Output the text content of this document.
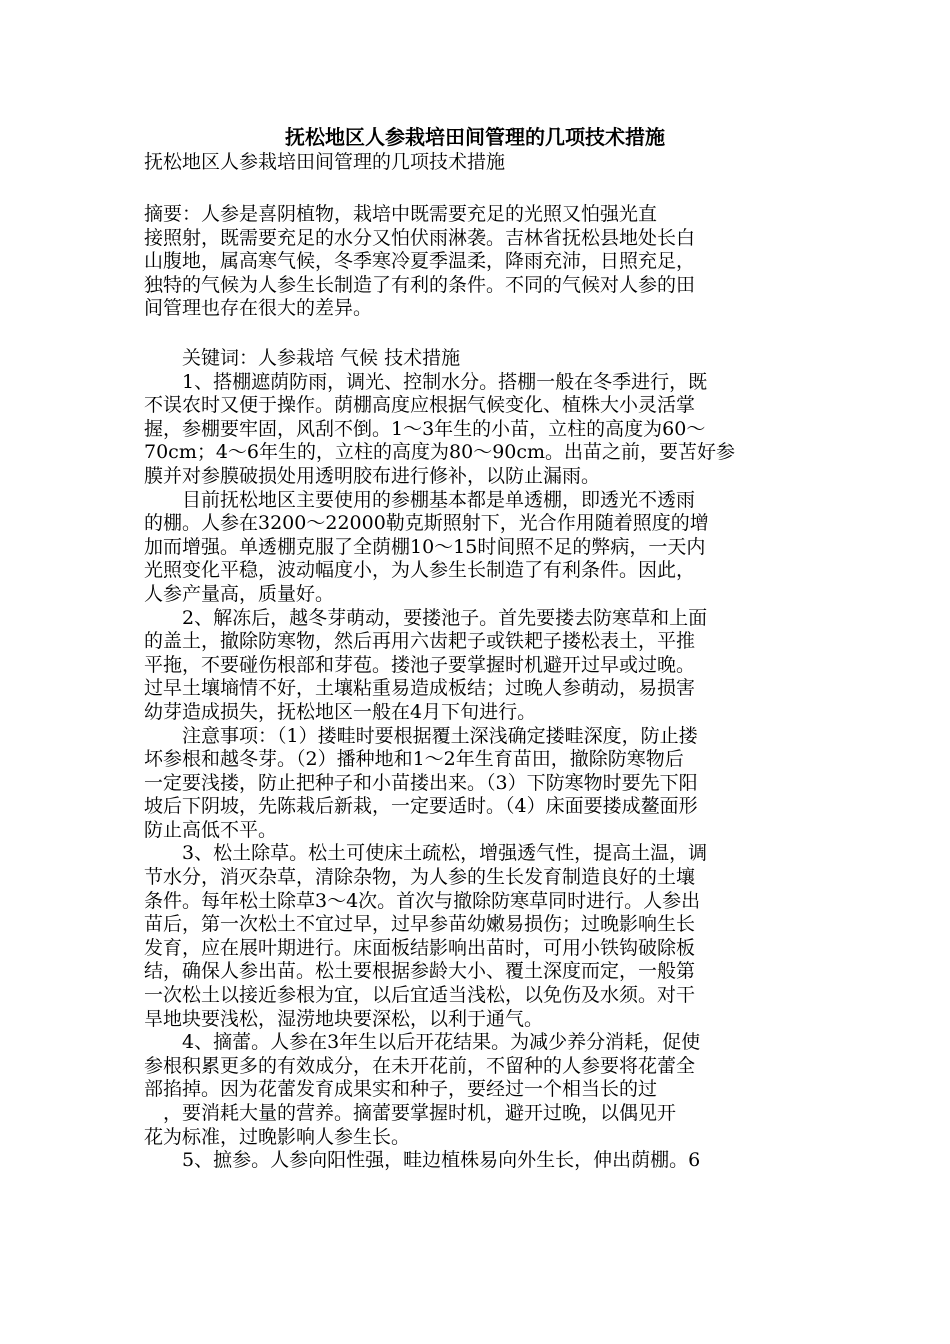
抚松地区人参栽培田间管理的几项技术措施
抚松地区人参栽培田间管理的几项技术措施
摘要：人参是喜阴植物，栽培中既需要充足的光照又怕强光直
接照射，既需要充足的水分又怕伏雨淋袭。吉林省抚松县地处长白
山腹地，属高寒气候，冬季寒冷夏季温柔，降雨充沛，日照充足，
独特的气候为人参生长制造了有利的条件。不同的气候对人参的田
间管理也存在很大的差异。
　　关键词：人参栽培 气候 技术措施
　　1、搭棚遮荫防雨，调光、控制水分。搭棚一般在冬季进行，既
不误农时又便于操作。荫棚高度应根据气候变化、植株大小灵活掌
握，参棚要牢固，风刮不倒。1～3年生的小苗，立柱的高度为60～
70cm；4～6年生的，立柱的高度为80～90cm。出苗之前，要苫好参
膜并对参膜破损处用透明胶布进行修补，以防止漏雨。
　　目前抚松地区主要使用的参棚基本都是单透棚，即透光不透雨
的棚。人参在3200～22000勒克斯照射下，光合作用随着照度的增
加而增强。单透棚克服了全荫棚10～15时间照不足的弊病，一天内
光照变化平稳，波动幅度小，为人参生长制造了有利条件。因此，
人参产量高，质量好。
　　2、解冻后，越冬芽萌动，要搂池子。首先要搂去防寒草和上面
的盖土，撤除防寒物，然后再用六齿耙子或铁耙子搂松表土，平推
平拖，不要碰伤根部和芽苞。搂池子要掌握时机避开过早或过晚。
过早土壤墒情不好，土壤粘重易造成板结；过晚人参萌动，易损害
幼芽造成损失，抚松地区一般在4月下旬进行。
　　注意事项：（1）搂畦时要根据覆土深浅确定搂畦深度，防止搂
坏参根和越冬芽。（2）播种地和1～2年生育苗田，撤除防寒物后
一定要浅搂，防止把种子和小苗搂出来。（3）下防寒物时要先下阳
坡后下阴坡，先陈栽后新栽，一定要适时。（4）床面要搂成鳌面形
防止高低不平。
　　3、松土除草。松土可使床土疏松，增强透气性，提高土温，调
节水分，消灭杂草，清除杂物，为人参的生长发育制造良好的土壤
条件。每年松土除草3～4次。首次与撤除防寒草同时进行。人参出
苗后，第一次松土不宜过早，过早参苗幼嫩易损伤；过晚影响生长
发育，应在展叶期进行。床面板结影响出苗时，可用小铁钩破除板
结，确保人参出苗。松土要根据参龄大小、覆土深度而定，一般第
一次松土以接近参根为宜，以后宜适当浅松，以免伤及水须。对干
旱地块要浅松，湿涝地块要深松，以利于通气。
　　4、摘蕾。人参在3年生以后开花结果。为减少养分消耗，促使
参根积累更多的有效成分，在未开花前，不留种的人参要将花蕾全
部掐掉。因为花蕾发育成果实和种子，要经过一个相当长的过
　，要消耗大量的营养。摘蕾要掌握时机，避开过晚，以偶见开
花为标准，过晚影响人参生长。
　　5、摭参。人参向阳性强，畦边植株易向外生长，伸出荫棚。6
